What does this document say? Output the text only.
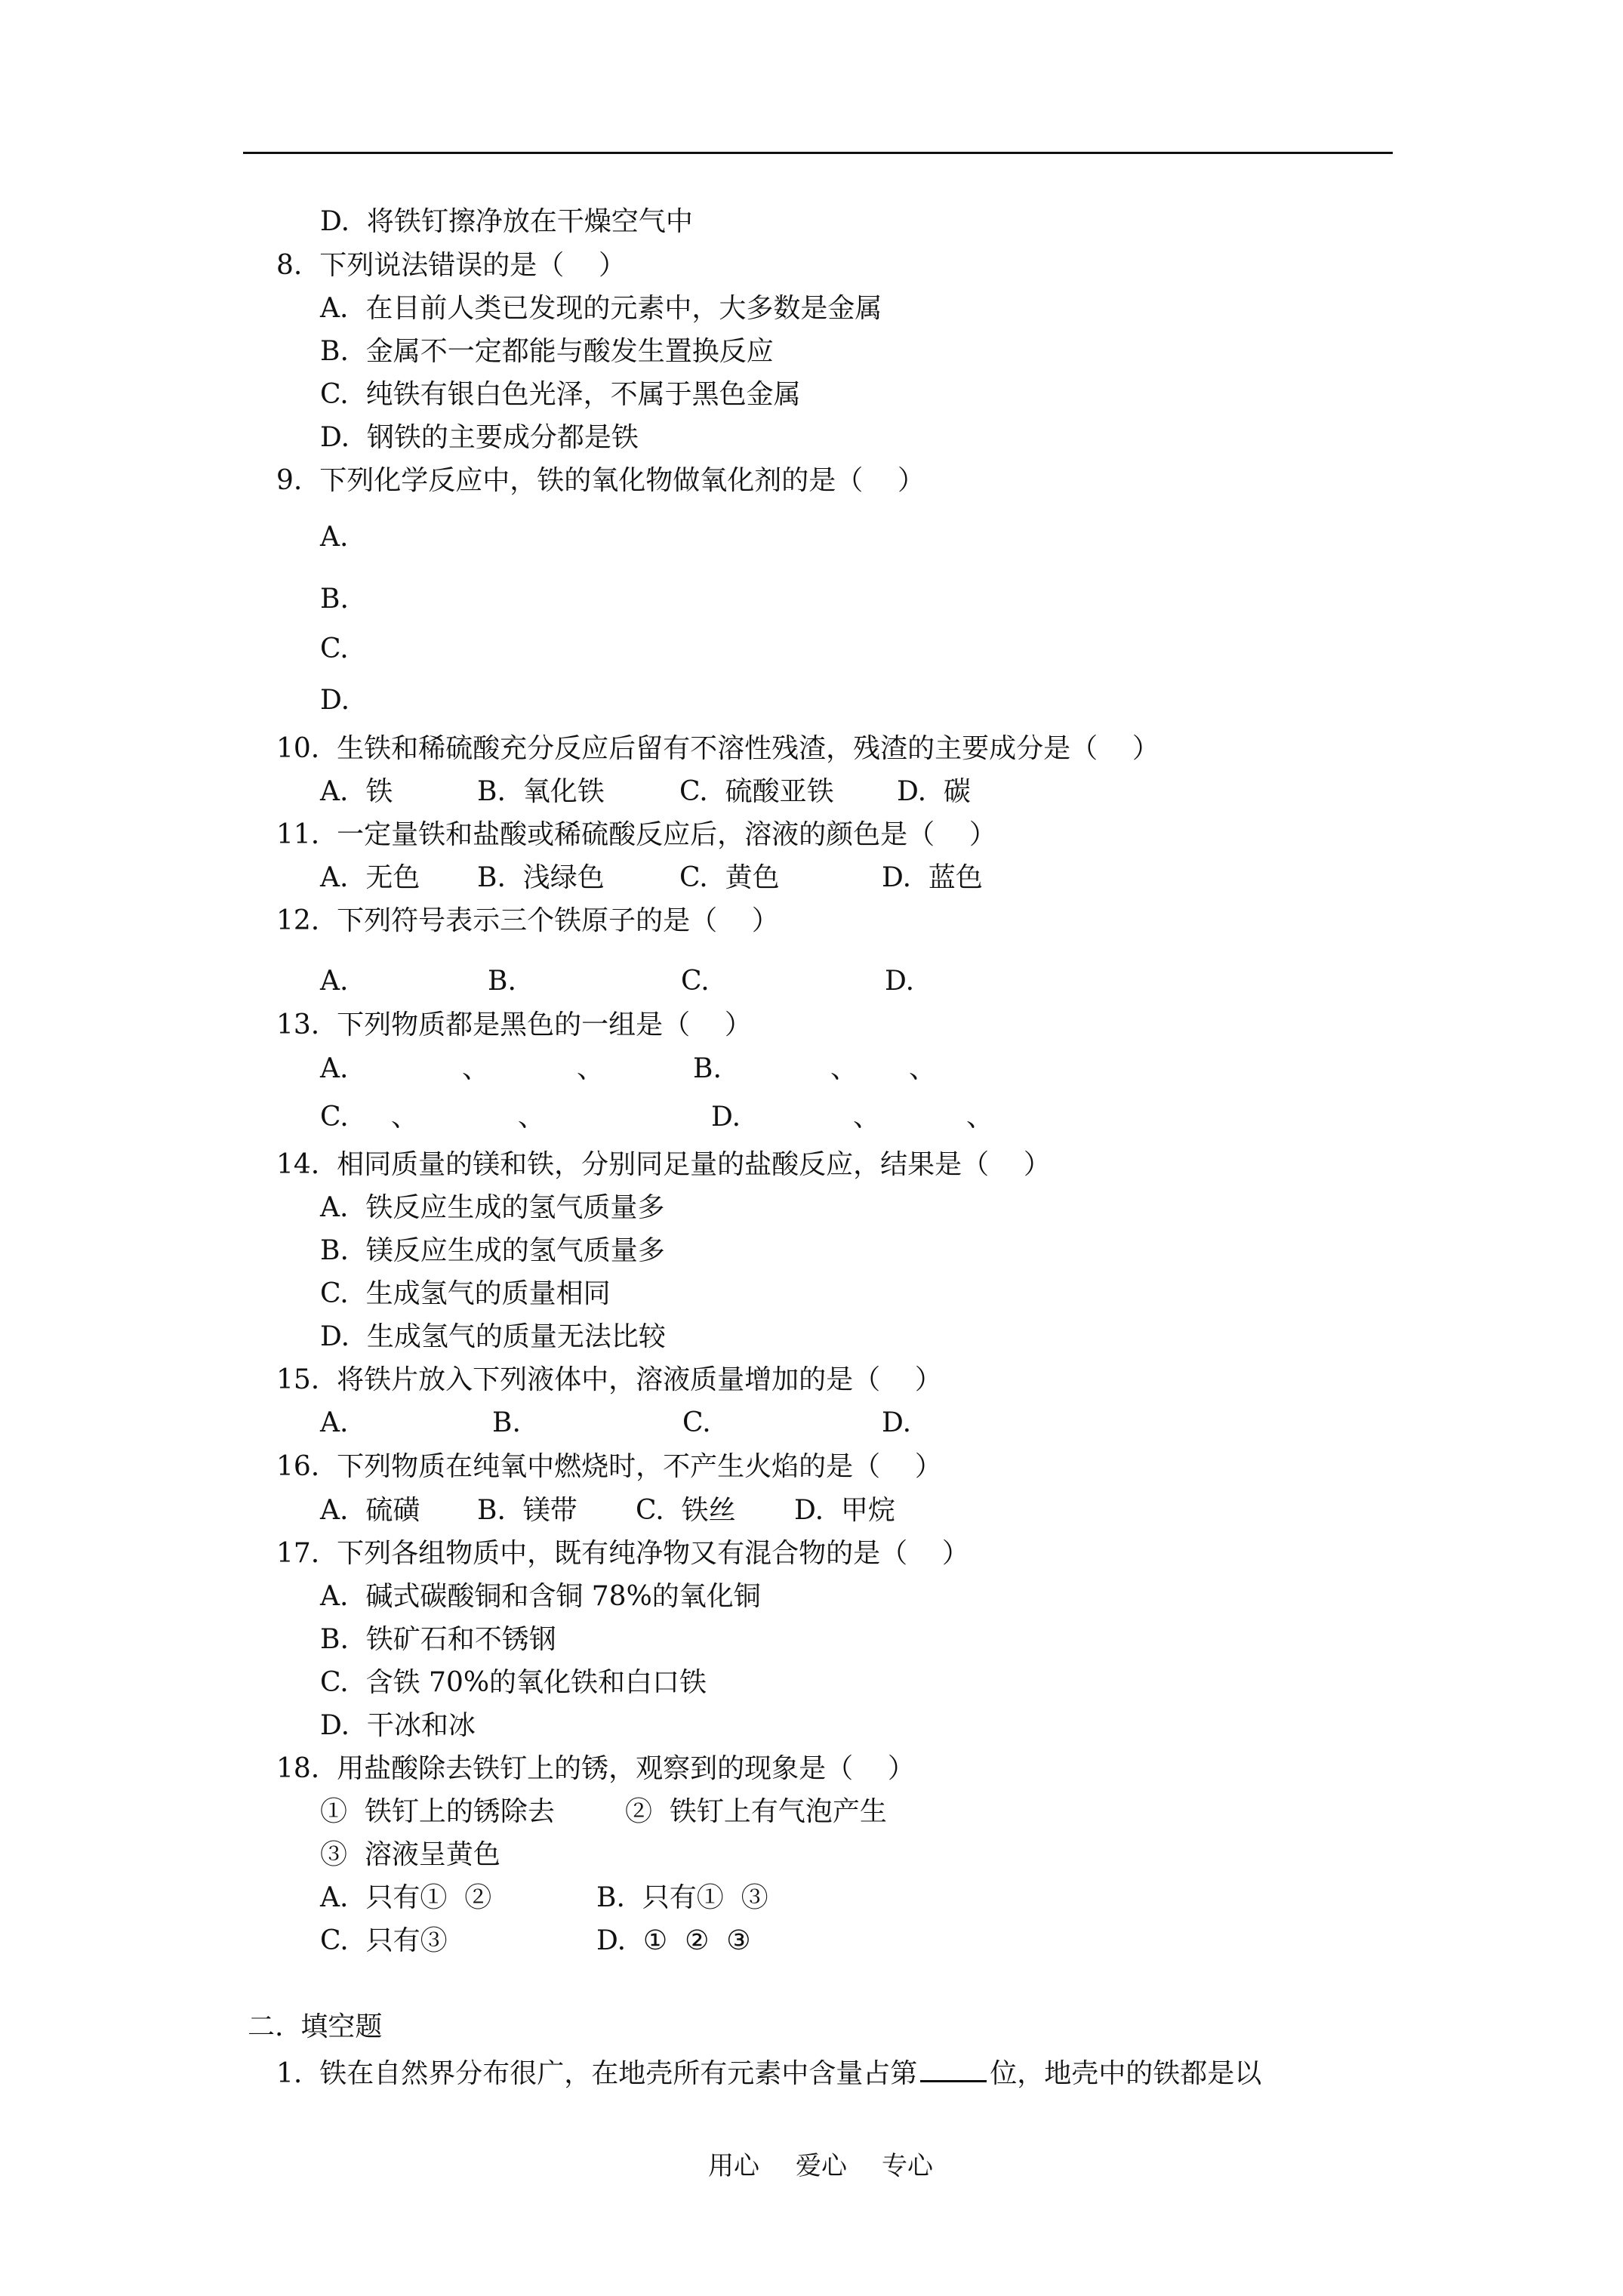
D.  将铁钉擦净放在干燥空气中
8.  下列说法错误的是（    ）
A.  在目前人类已发现的元素中，大多数是金属
B.  金属不一定都能与酸发生置换反应
C.  纯铁有银白色光泽，不属于黑色金属
D.  钢铁的主要成分都是铁
9.  下列化学反应中，铁的氧化物做氧化剂的是（    ）
A.
B.
C.
D.
10.  生铁和稀硫酸充分反应后留有不溶性残渣，残渣的主要成分是（    ）
A.  铁	B.  氧化铁	C.  硫酸亚铁 D.  碳
11.  一定量铁和盐酸或稀硫酸反应后，溶液的颜色是（    ）
A.  无色 B.  浅绿色	C.  黄色	D.  蓝色
12.  下列符号表示三个铁原子的是（    ）
A.	B.	C.	D.
13.  下列物质都是黑色的一组是（    ）
A.	、	、	B.	、 、
C. 、	、	D.	、	、
14.  相同质量的镁和铁，分别同足量的盐酸反应，结果是（    ）
A.  铁反应生成的氢气质量多
B.  镁反应生成的氢气质量多
C.  生成氢气的质量相同
D.  生成氢气的质量无法比较
15.  将铁片放入下列液体中，溶液质量增加的是（    ）
A.	B.	C.	D.
16.  下列物质在纯氧中燃烧时，不产生火焰的是（    ）
A.  硫磺 B.  镁带 C.  铁丝 D.  甲烷
17.  下列各组物质中，既有纯净物又有混合物的是（    ）
A.  碱式碳酸铜和含铜 78%的氧化铜
B.  铁矿石和不锈钢
C.  含铁 70%的氧化铁和白口铁
D.  干冰和冰
18.  用盐酸除去铁钉上的锈，观察到的现象是（    ）
①  铁钉上的锈除去	②  铁钉上有气泡产生
③  溶液呈黄色
A.  只有①  ②	B.  只有①  ③
C.  只有③	D.  ①  ②  ③
二.  填空题
1.  铁在自然界分布很广，在地壳所有元素中含量占第	位，地壳中的铁都是以
用心 爱心 专心
